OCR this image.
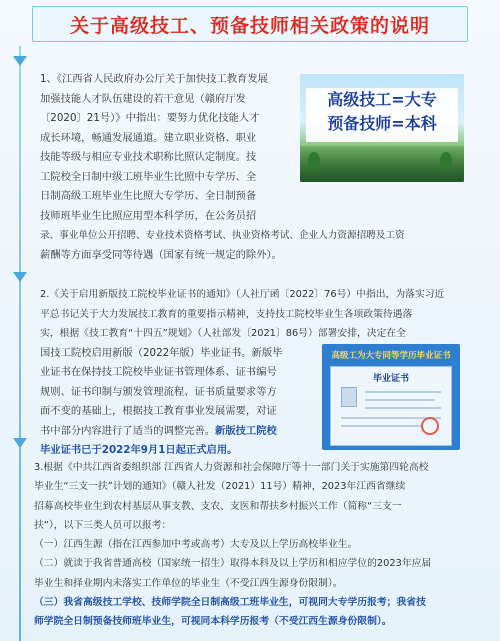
关于高级技工、预备技师相关政策的说明

1、《江西省人民政府办公厅关于加快技工教育发展

加强技能人才队伍建设的若干意见（赣府厅发

〔2020〕21号）》中指出：要努力优化技能人才

成长环境，畅通发展通道。建立职业资格、职业

技能等级与相应专业技术职称比照认定制度。技

工院校全日制中级工班毕业生比照中专学历、全

日制高级工班毕业生比照大专学历、全日制预备

技师班毕业生比照应用型本科学历，在公务员招

录、事业单位公开招聘、专业技术资格考试、执业资格考试、企业人力资源招聘及工资

薪酬等方面享受同等待遇（国家有统一规定的除外）。

高级技工=大专
预备技师=本科

2.《关于启用新版技工院校毕业证书的通知》（人社厅函〔2022〕76号）中指出，为落实习近

平总书记关于大力发展技工教育的重要指示精神，支持技工院校毕业生各项政策待遇落

实，根据《技工教育“十四五”规划》（人社部发〔2021〕86号）部署安排，决定在全

国技工院校启用新版（2022年版）毕业证书。新版毕

业证书在保持技工院校毕业证书管理体系、证书编号

规则、证书印制与颁发管理流程、证书质量要求等方

面不变的基础上，根据技工教育事业发展需要，对证

书中部分内容进行了适当的调整完善。新版技工院校

毕业证书已于2022年9月1日起正式启用。

高级工为大专同等学历毕业证书
毕业证书

3.根据《中共江西省委组织部 江西省人力资源和社会保障厅等十一部门关于实施第四轮高校

毕业生“三支一扶”计划的通知》（赣人社发（2021）11号）精神，2023年江西省继续

招募高校毕业生到农村基层从事支教、支农、支医和帮扶乡村振兴工作（简称“三支一

扶”），以下三类人员可以报考：

（一）江西生源（指在江西参加中考或高考）大专及以上学历高校毕业生。

（二）就读于我省普通高校（国家统一招生）取得本科及以上学历和相应学位的2023年应届

毕业生和择业期内未落实工作单位的毕业生（不受江西生源身份限制）。

（三）我省高级技工学校、技师学院全日制高级工班毕业生，可视同大专学历报考；我省技

师学院全日制预备技师班毕业生，可视同本科学历报考（不受江西生源身份限制）。
